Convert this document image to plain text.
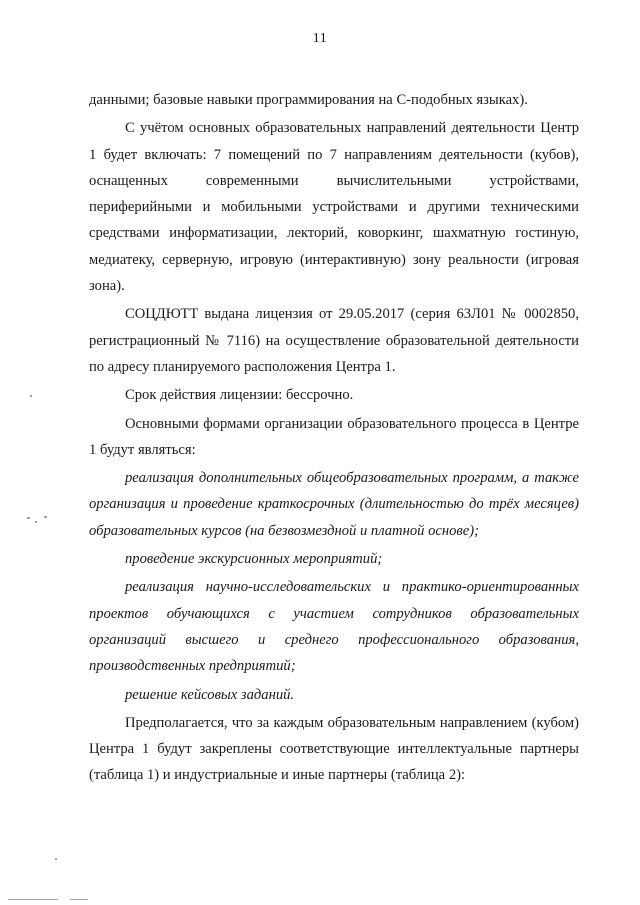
11

данными; базовые навыки программирования на С-подобных языках).

С учётом основных образовательных направлений деятельности Центр 1 будет включать: 7 помещений по 7 направлениям деятельности (кубов), оснащенных современными вычислительными устройствами, периферийными и мобильными устройствами и другими техническими средствами информатизации, лекторий, коворкинг, шахматную гостиную, медиатеку, серверную, игровую (интерактивную) зону реальности (игровая зона).

СОЦДЮТТ выдана лицензия от 29.05.2017 (серия 63Л01 № 0002850, регистрационный № 7116) на осуществление образовательной деятельности по адресу планируемого расположения Центра 1.

Срок действия лицензии: бессрочно.

Основными формами организации образовательного процесса в Центре 1 будут являться:

реализация дополнительных общеобразовательных программ, а также организация и проведение краткосрочных (длительностью до трёх месяцев) образовательных курсов (на безвозмездной и платной основе);

проведение экскурсионных мероприятий;

реализация научно-исследовательских и практико-ориентированных проектов обучающихся с участием сотрудников образовательных организаций высшего и среднего профессионального образования, производственных предприятий;

решение кейсовых заданий.

Предполагается, что за каждым образовательным направлением (кубом) Центра 1 будут закреплены соответствующие интеллектуальные партнеры (таблица 1) и индустриальные и иные партнеры (таблица 2):
